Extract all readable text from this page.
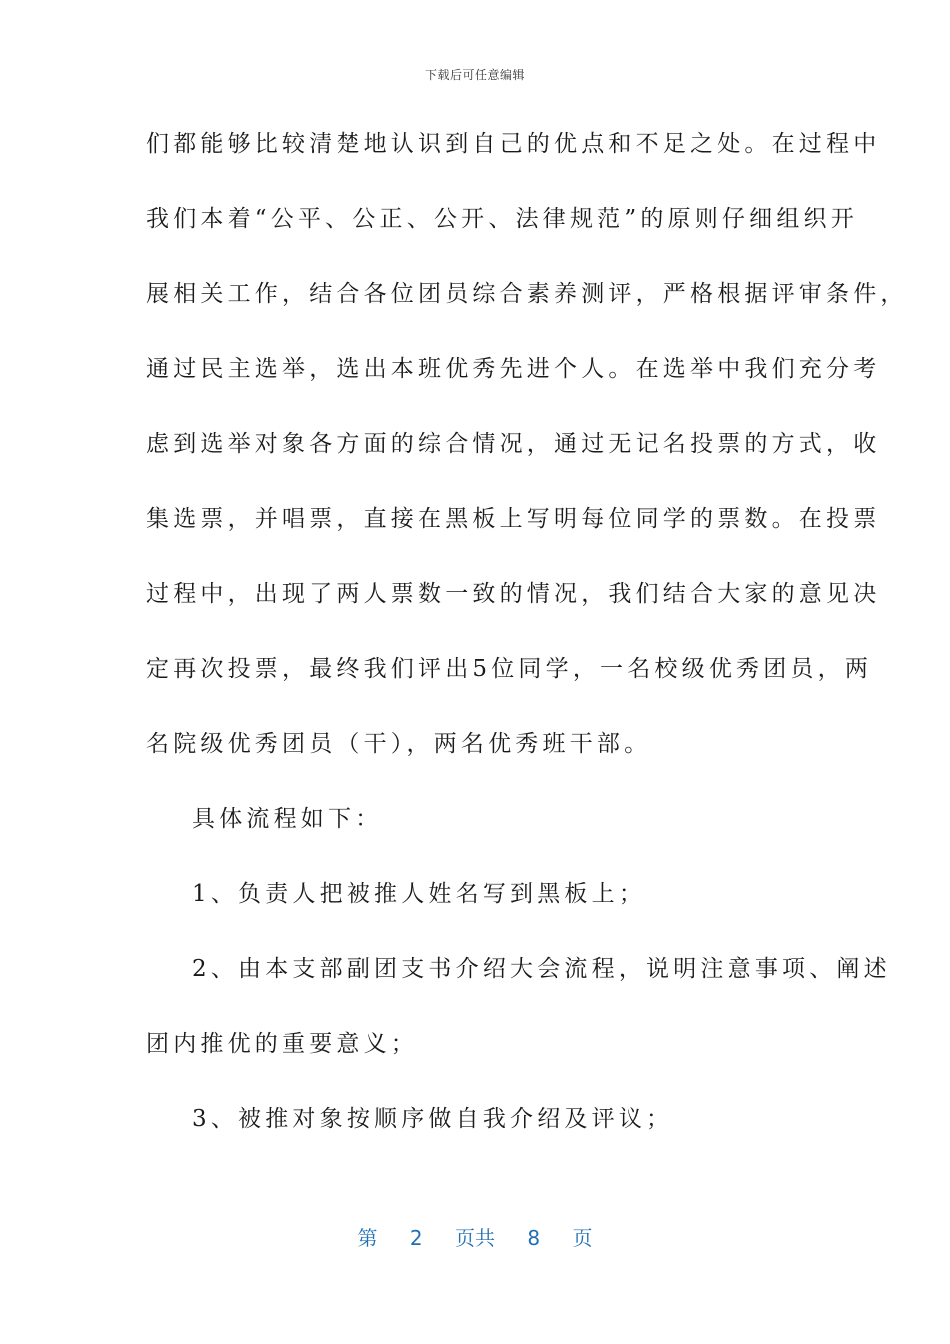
下载后可任意编辑
们都能够比较清楚地认识到自己的优点和不足之处。在过程中
我们本着“公平、公正、公开、法律规范”的原则仔细组织开
展相关工作，结合各位团员综合素养测评，严格根据评审条件，
通过民主选举，选出本班优秀先进个人。在选举中我们充分考
虑到选举对象各方面的综合情况，通过无记名投票的方式，收
集选票，并唱票，直接在黑板上写明每位同学的票数。在投票
过程中，出现了两人票数一致的情况，我们结合大家的意见决
定再次投票，最终我们评出5位同学，一名校级优秀团员，两
名院级优秀团员（干），两名优秀班干部。
具体流程如下：
1、负责人把被推人姓名写到黑板上；
2、由本支部副团支书介绍大会流程，说明注意事项、阐述
团内推优的重要意义；
3、被推对象按顺序做自我介绍及评议；
第 2 页共 8 页
